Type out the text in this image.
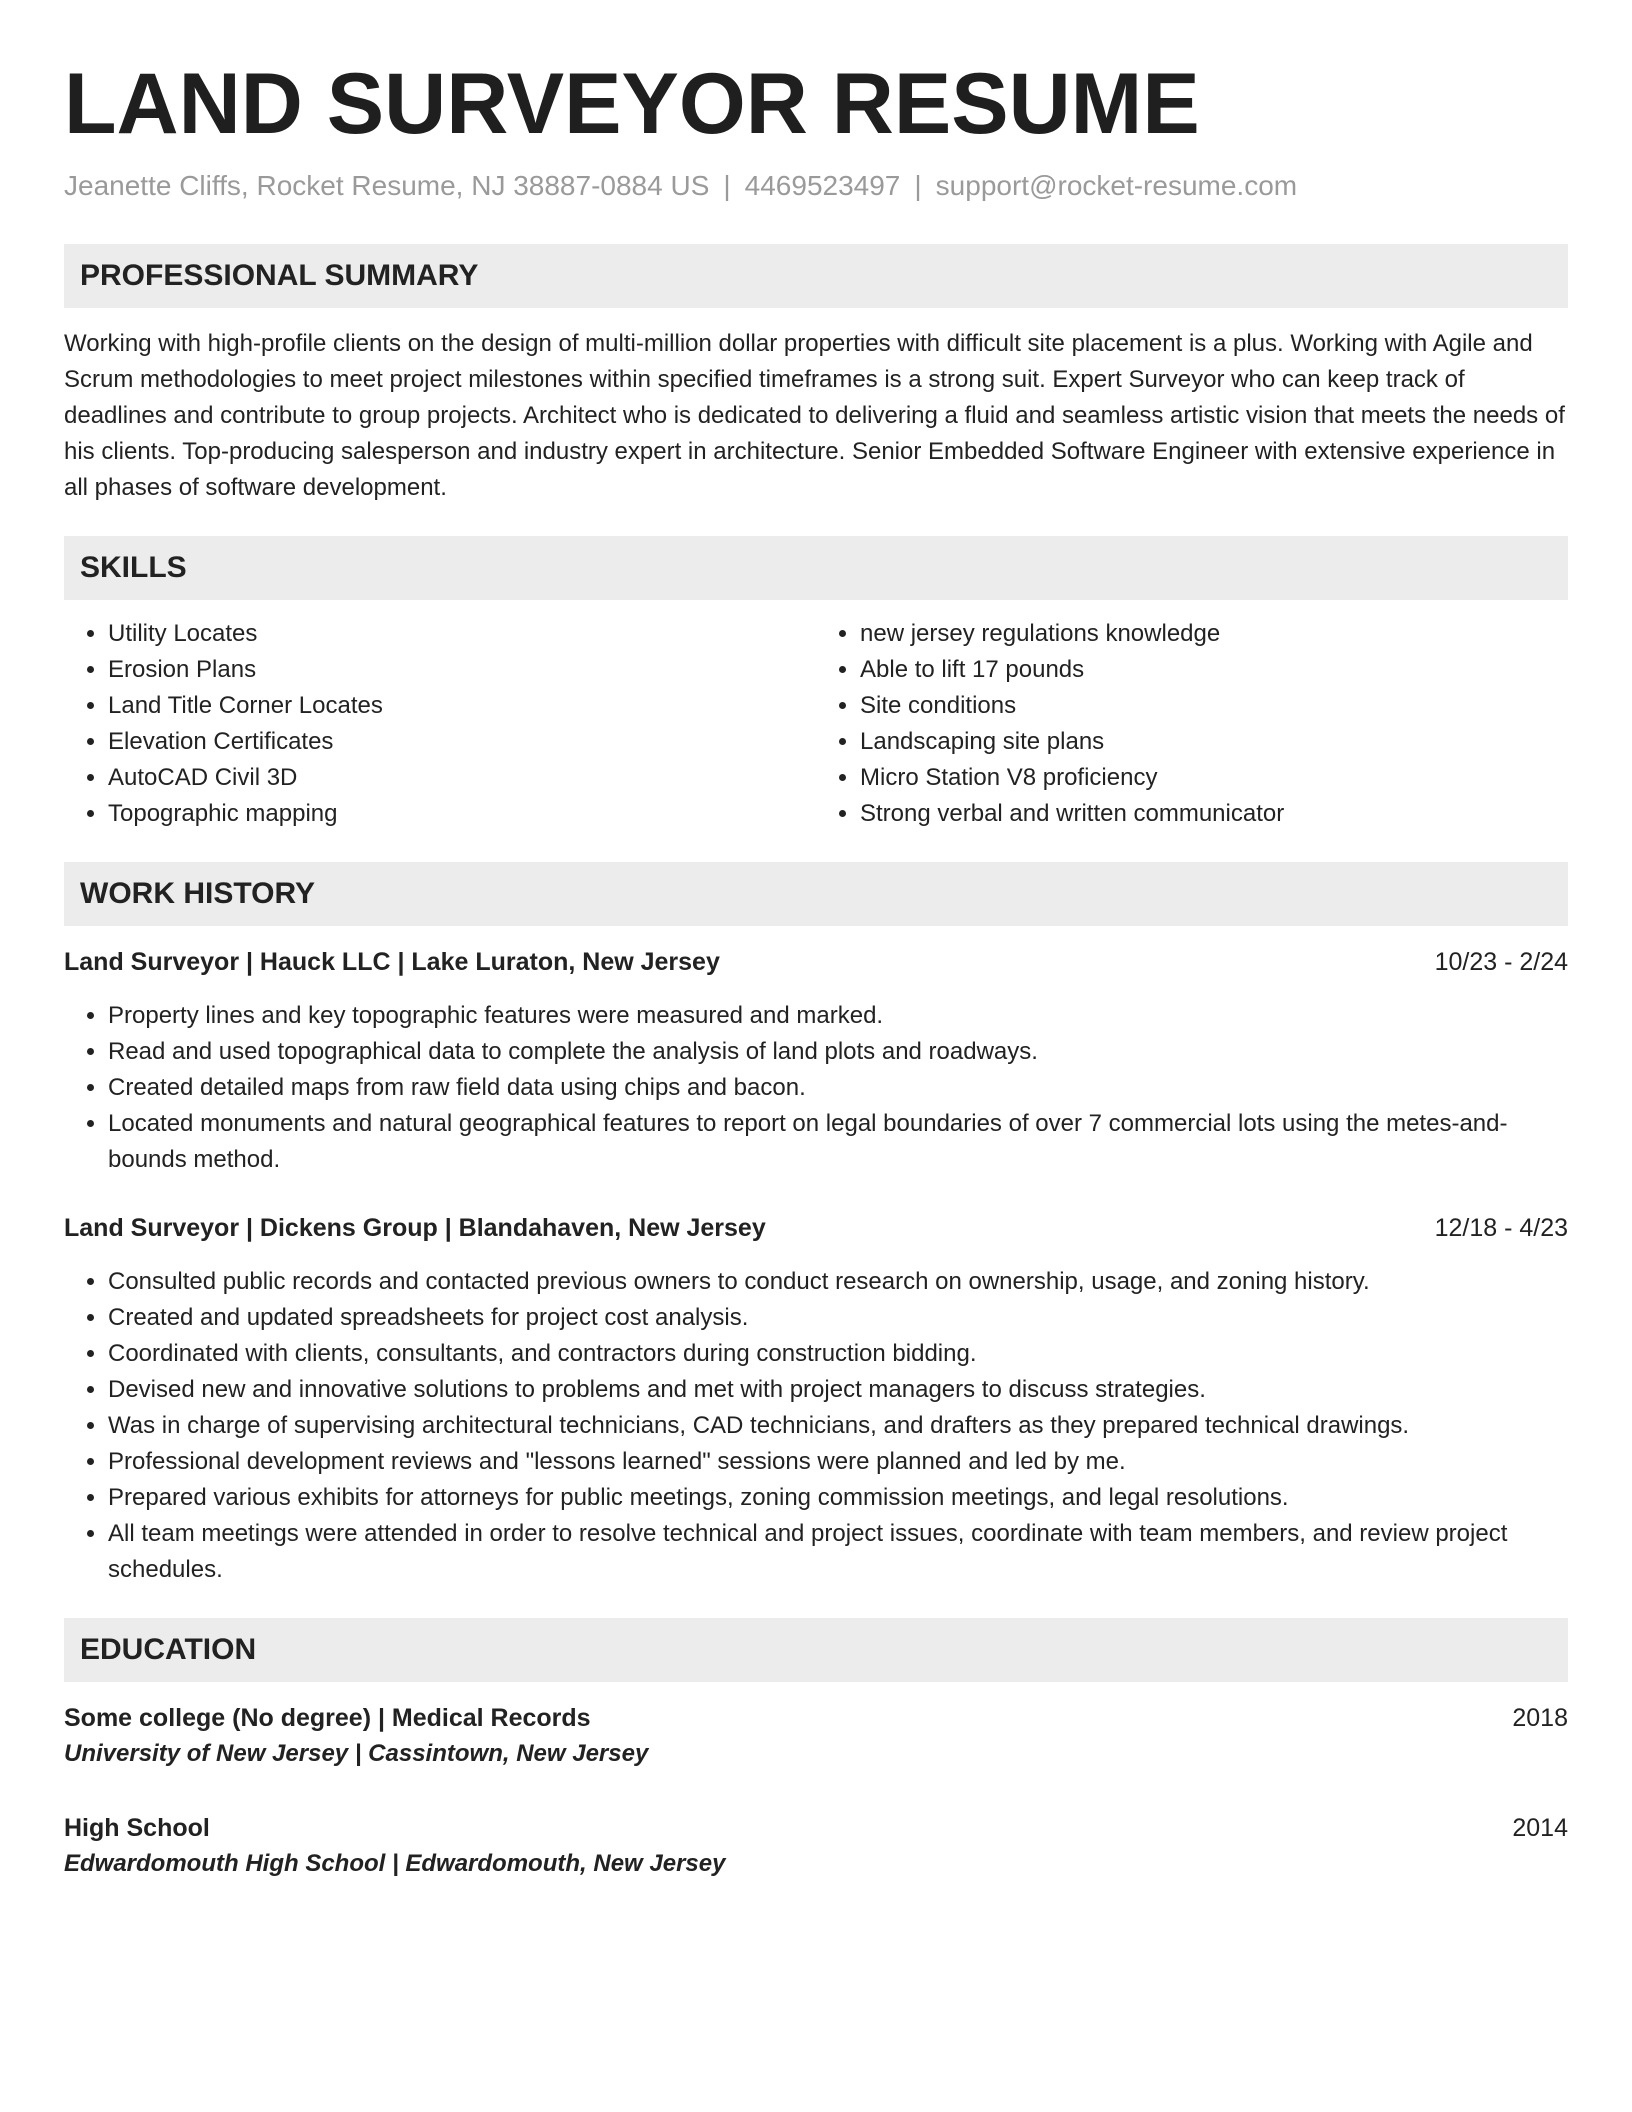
LAND SURVEYOR RESUME
Jeanette Cliffs, Rocket Resume, NJ 38887-0884 US | 4469523497 | support@rocket-resume.com
PROFESSIONAL SUMMARY

Working with high-profile clients on the design of multi-million dollar properties with difficult site placement is a plus. Working with Agile and Scrum methodologies to meet project milestones within specified timeframes is a strong suit. Expert Surveyor who can keep track of deadlines and contribute to group projects. Architect who is dedicated to delivering a fluid and seamless artistic vision that meets the needs of his clients. Top-producing salesperson and industry expert in architecture. Senior Embedded Software Engineer with extensive experience in all phases of software development.

SKILLS
• Utility Locates
• Erosion Plans
• Land Title Corner Locates
• Elevation Certificates
• AutoCAD Civil 3D
• Topographic mapping
• new jersey regulations knowledge
• Able to lift 17 pounds
• Site conditions
• Landscaping site plans
• Micro Station V8 proficiency
• Strong verbal and written communicator
WORK HISTORY
Land Surveyor | Hauck LLC | Lake Luraton, New Jersey	10/23 - 2/24
• Property lines and key topographic features were measured and marked.
• Read and used topographical data to complete the analysis of land plots and roadways.
• Created detailed maps from raw field data using chips and bacon.
• Located monuments and natural geographical features to report on legal boundaries of over 7 commercial lots using the metes-and-bounds method.
Land Surveyor | Dickens Group | Blandahaven, New Jersey	12/18 - 4/23
• Consulted public records and contacted previous owners to conduct research on ownership, usage, and zoning history.
• Created and updated spreadsheets for project cost analysis.
• Coordinated with clients, consultants, and contractors during construction bidding.
• Devised new and innovative solutions to problems and met with project managers to discuss strategies.
• Was in charge of supervising architectural technicians, CAD technicians, and drafters as they prepared technical drawings.
• Professional development reviews and "lessons learned" sessions were planned and led by me.
• Prepared various exhibits for attorneys for public meetings, zoning commission meetings, and legal resolutions.
• All team meetings were attended in order to resolve technical and project issues, coordinate with team members, and review project schedules.
EDUCATION
Some college (No degree) | Medical Records	2018
University of New Jersey | Cassintown, New Jersey
High School	2014
Edwardomouth High School | Edwardomouth, New Jersey
